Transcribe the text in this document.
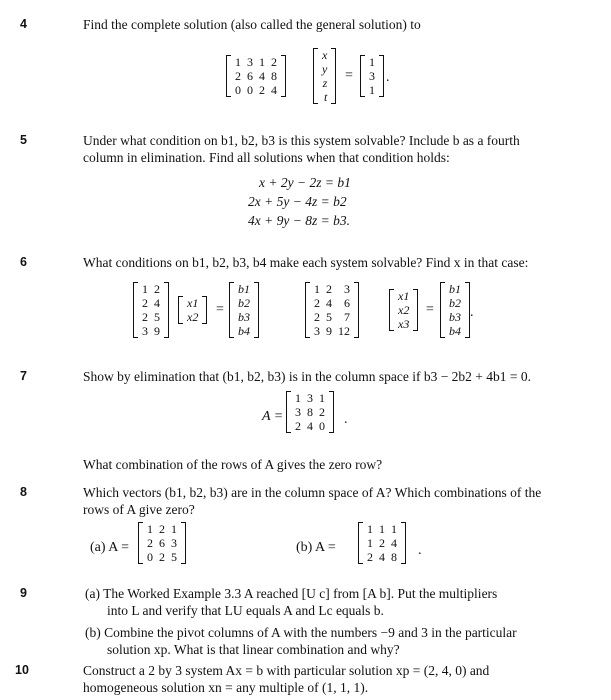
4	Find the complete solution (also called the general solution) to
1	3	1	2
2	6	4	8
0	0	2	4
x
y
z
t
=
1
3
1
.
5	Under what condition on b1, b2, b3 is this system solvable? Include b as a fourth
column in elimination. Find all solutions when that condition holds:
x + 2y − 2z = b1
2x + 5y − 4z = b2
4x + 9y − 8z = b3.
6	What conditions on b1, b2, b3, b4 make each system solvable? Find x in that case:
1	2
2	4
2	5
3	9
x1
x2 =
b1
b2
b3
b4
1	2	3
2	4	6
2	5	7
3	9	12
x1
x2
x3
=
b1
b2
b3
b4
.
7	Show by elimination that (b1, b2, b3) is in the column space if b3 − 2b2 + 4b1 = 0.
A =
1	3	1
3	8	2
2	4	0 .
What combination of the rows of A gives the zero row?
8	Which vectors (b1, b2, b3) are in the column space of A? Which combinations of the
rows of A give zero?
(a) A =
1	2	1
2	6	3
0	2	5
(b) A =
1	1	1
1	2	4
2	4	8 .
9	(a) The Worked Example 3.3 A reached [U c] from [A b]. Put the multipliers
into L and verify that LU equals A and Lc equals b.
(b) Combine the pivot columns of A with the numbers −9 and 3 in the particular
solution xp. What is that linear combination and why?
10	Construct a 2 by 3 system Ax = b with particular solution xp = (2, 4, 0) and
homogeneous solution xn = any multiple of (1, 1, 1).
